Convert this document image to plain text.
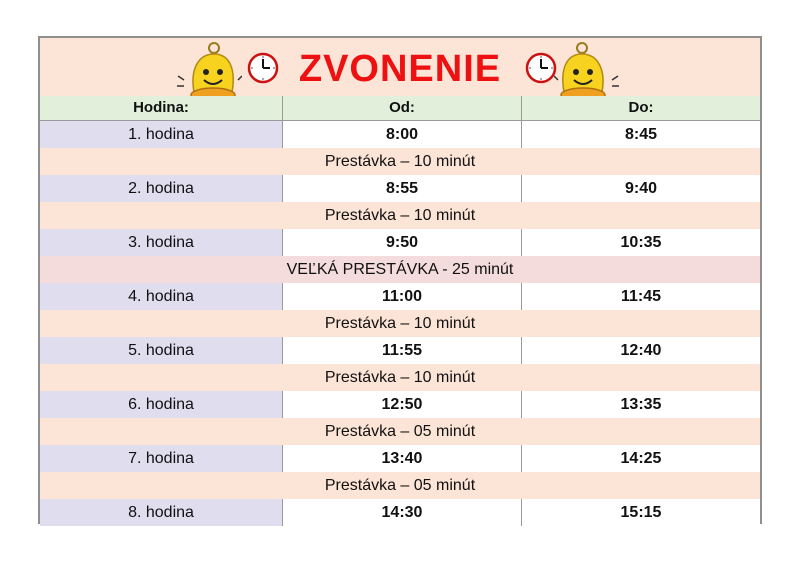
ZVONENIE
Hodina:	Od:	Do:
1. hodina	8:00	8:45
Prestávka – 10 minút
2. hodina	8:55	9:40
Prestávka – 10 minút
3. hodina	9:50	10:35
VEĽKÁ PRESTÁVKA - 25 minút
4. hodina	11:00	11:45
Prestávka – 10 minút
5. hodina	11:55	12:40
Prestávka – 10 minút
6. hodina	12:50	13:35
Prestávka – 05 minút
7. hodina	13:40	14:25
Prestávka – 05 minút
8. hodina	14:30	15:15
